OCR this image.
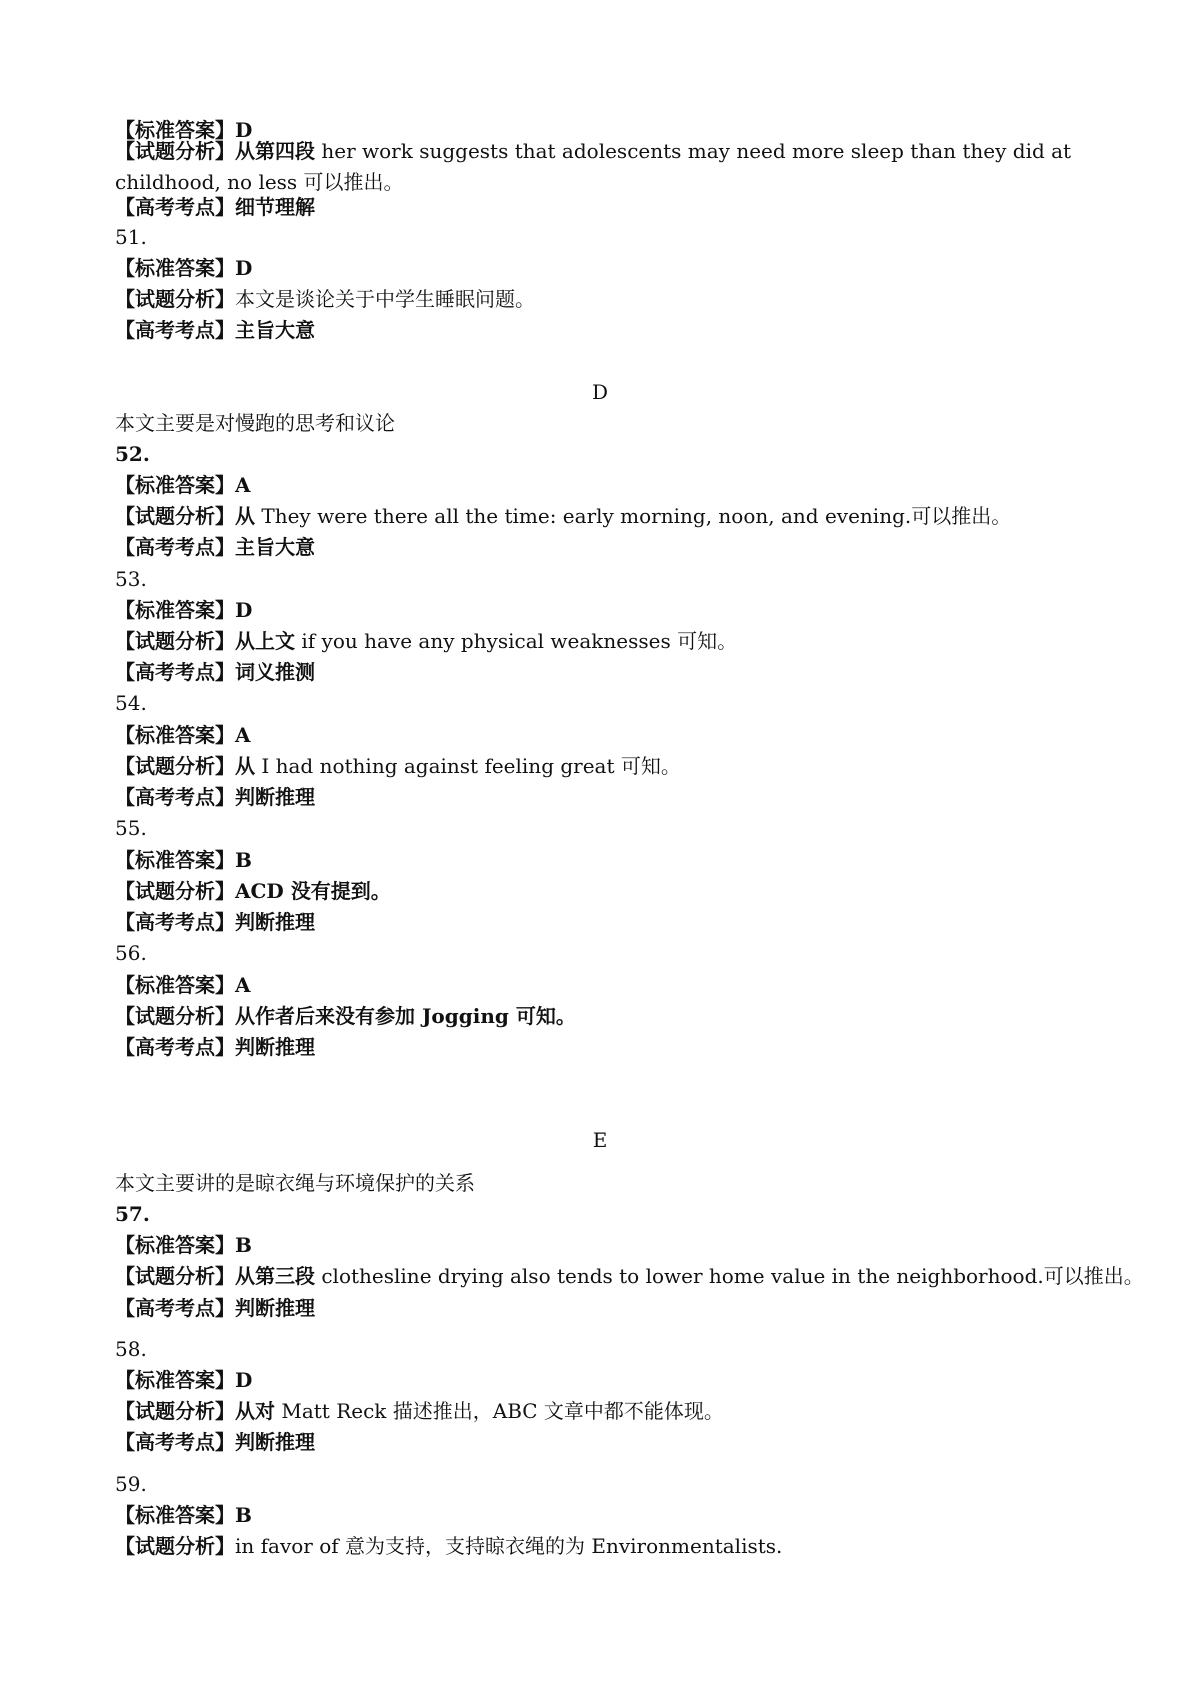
【标准答案】D
【试题分析】从第四段 her work suggests that adolescents may need more sleep than they did at childhood, no less 可以推出。
【高考考点】细节理解
51.
【标准答案】D
【试题分析】本文是谈论关于中学生睡眠问题。
【高考考点】主旨大意
D
本文主要是对慢跑的思考和议论
52.
【标准答案】A
【试题分析】从 They were there all the time: early morning, noon, and evening.可以推出。
【高考考点】主旨大意
53.
【标准答案】D
【试题分析】从上文 if you have any physical weaknesses 可知。
【高考考点】词义推测
54.
【标准答案】A
【试题分析】从 I had nothing against feeling great 可知。
【高考考点】判断推理
55.
【标准答案】B
【试题分析】ACD 没有提到。
【高考考点】判断推理
56.
【标准答案】A
【试题分析】从作者后来没有参加 Jogging 可知。
【高考考点】判断推理
E
本文主要讲的是晾衣绳与环境保护的关系
57.
【标准答案】B
【试题分析】从第三段 clothesline drying also tends to lower home value in the neighborhood.可以推出。
【高考考点】判断推理
58.
【标准答案】D
【试题分析】从对 Matt Reck 描述推出，ABC 文章中都不能体现。
【高考考点】判断推理
59.
【标准答案】B
【试题分析】in favor of 意为支持，支持晾衣绳的为 Environmentalists.
